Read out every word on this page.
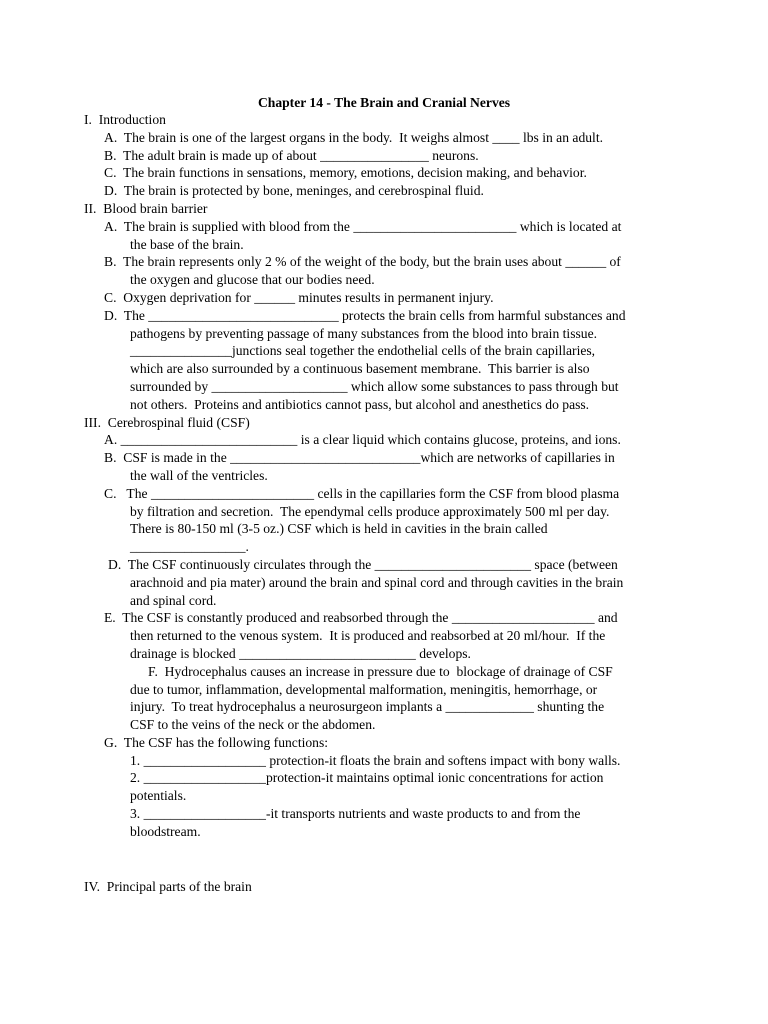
Chapter 14 - The Brain and Cranial Nerves
I.  Introduction
A.  The brain is one of the largest organs in the body.  It weighs almost ____ lbs in an adult.
B.  The adult brain is made up of about ________________ neurons.
C.  The brain functions in sensations, memory, emotions, decision making, and behavior.
D.  The brain is protected by bone, meninges, and cerebrospinal fluid.
II.  Blood brain barrier
A.  The brain is supplied with blood from the ________________________ which is located at
the base of the brain.
B.  The brain represents only 2 % of the weight of the body, but the brain uses about ______ of
the oxygen and glucose that our bodies need.
C.  Oxygen deprivation for ______ minutes results in permanent injury.
D.  The ____________________________ protects the brain cells from harmful substances and
pathogens by preventing passage of many substances from the blood into brain tissue.
_______________junctions seal together the endothelial cells of the brain capillaries,
which are also surrounded by a continuous basement membrane.  This barrier is also
surrounded by ____________________ which allow some substances to pass through but
not others.  Proteins and antibiotics cannot pass, but alcohol and anesthetics do pass.
III.  Cerebrospinal fluid (CSF)
A. __________________________ is a clear liquid which contains glucose, proteins, and ions.
B.  CSF is made in the ____________________________which are networks of capillaries in
the wall of the ventricles.
C.   The ________________________ cells in the capillaries form the CSF from blood plasma
by filtration and secretion.  The ependymal cells produce approximately 500 ml per day.
There is 80-150 ml (3-5 oz.) CSF which is held in cavities in the brain called
_________________.
D.  The CSF continuously circulates through the _______________________ space (between
arachnoid and pia mater) around the brain and spinal cord and through cavities in the brain
and spinal cord.
E.  The CSF is constantly produced and reabsorbed through the _____________________ and
then returned to the venous system.  It is produced and reabsorbed at 20 ml/hour.  If the
drainage is blocked __________________________ develops.
F.  Hydrocephalus causes an increase in pressure due to  blockage of drainage of CSF
due to tumor, inflammation, developmental malformation, meningitis, hemorrhage, or
injury.  To treat hydrocephalus a neurosurgeon implants a _____________ shunting the
CSF to the veins of the neck or the abdomen.
G.  The CSF has the following functions:
1. __________________ protection-it floats the brain and softens impact with bony walls.
2. __________________protection-it maintains optimal ionic concentrations for action
potentials.
3. __________________-it transports nutrients and waste products to and from the
bloodstream.
IV.  Principal parts of the brain
